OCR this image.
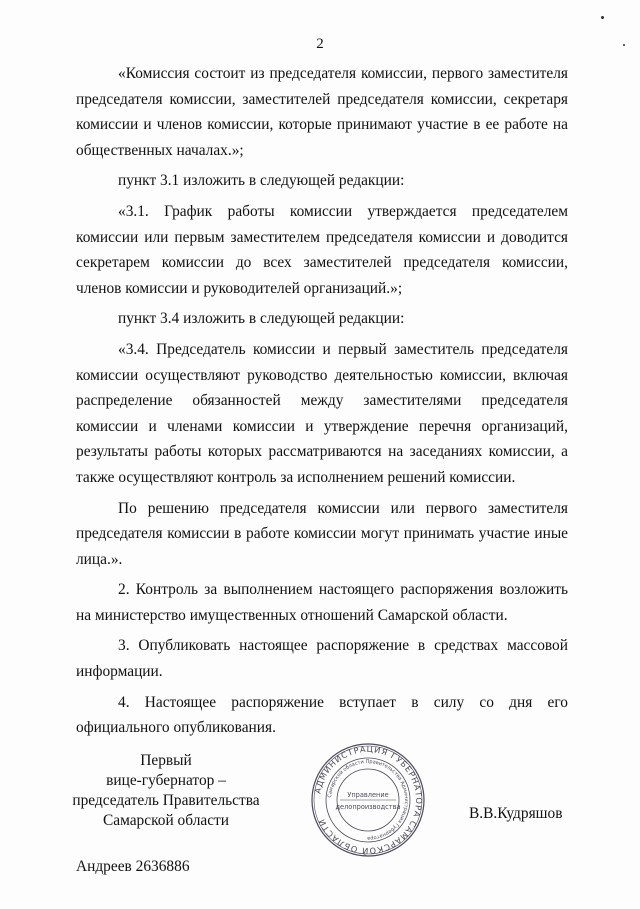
2

«Комиссия состоит из председателя комиссии, первого заместителя председателя комиссии, заместителей председателя комиссии, секретаря комиссии и членов комиссии, которые принимают участие в ее работе на общественных началах.»;

пункт 3.1 изложить в следующей редакции:

«3.1. График работы комиссии утверждается председателем комиссии или первым заместителем председателя комиссии и доводится секретарем комиссии до всех заместителей председателя комиссии, членов комиссии и руководителей организаций.»;

пункт 3.4 изложить в следующей редакции:

«3.4. Председатель комиссии и первый заместитель председателя комиссии осуществляют руководство деятельностью комиссии, включая распределение обязанностей между заместителями председателя комиссии и членами комиссии и утверждение перечня организаций, результаты работы которых рассматриваются на заседаниях комиссии, а также осуществляют контроль за исполнением решений комиссии.

По решению председателя комиссии или первого заместителя председателя комиссии в работе комиссии могут принимать участие иные лица.».

2. Контроль за выполнением настоящего распоряжения возложить на министерство имущественных отношений Самарской области.

3. Опубликовать настоящее распоряжение в средствах массовой информации.

4. Настоящее распоряжение вступает в силу со дня его официального опубликования.

Первый
вице-губернатор –
председатель Правительства
Самарской области
АДМИНИСТРАЦИЯ ГУБЕРНАТОРА САМАРСКОЙ ОБЛАСТИ
Самарской области Правительства Администрация Губернатора
Управление
делопроизводства	В.В.Кудряшов
Андреев 2636886
